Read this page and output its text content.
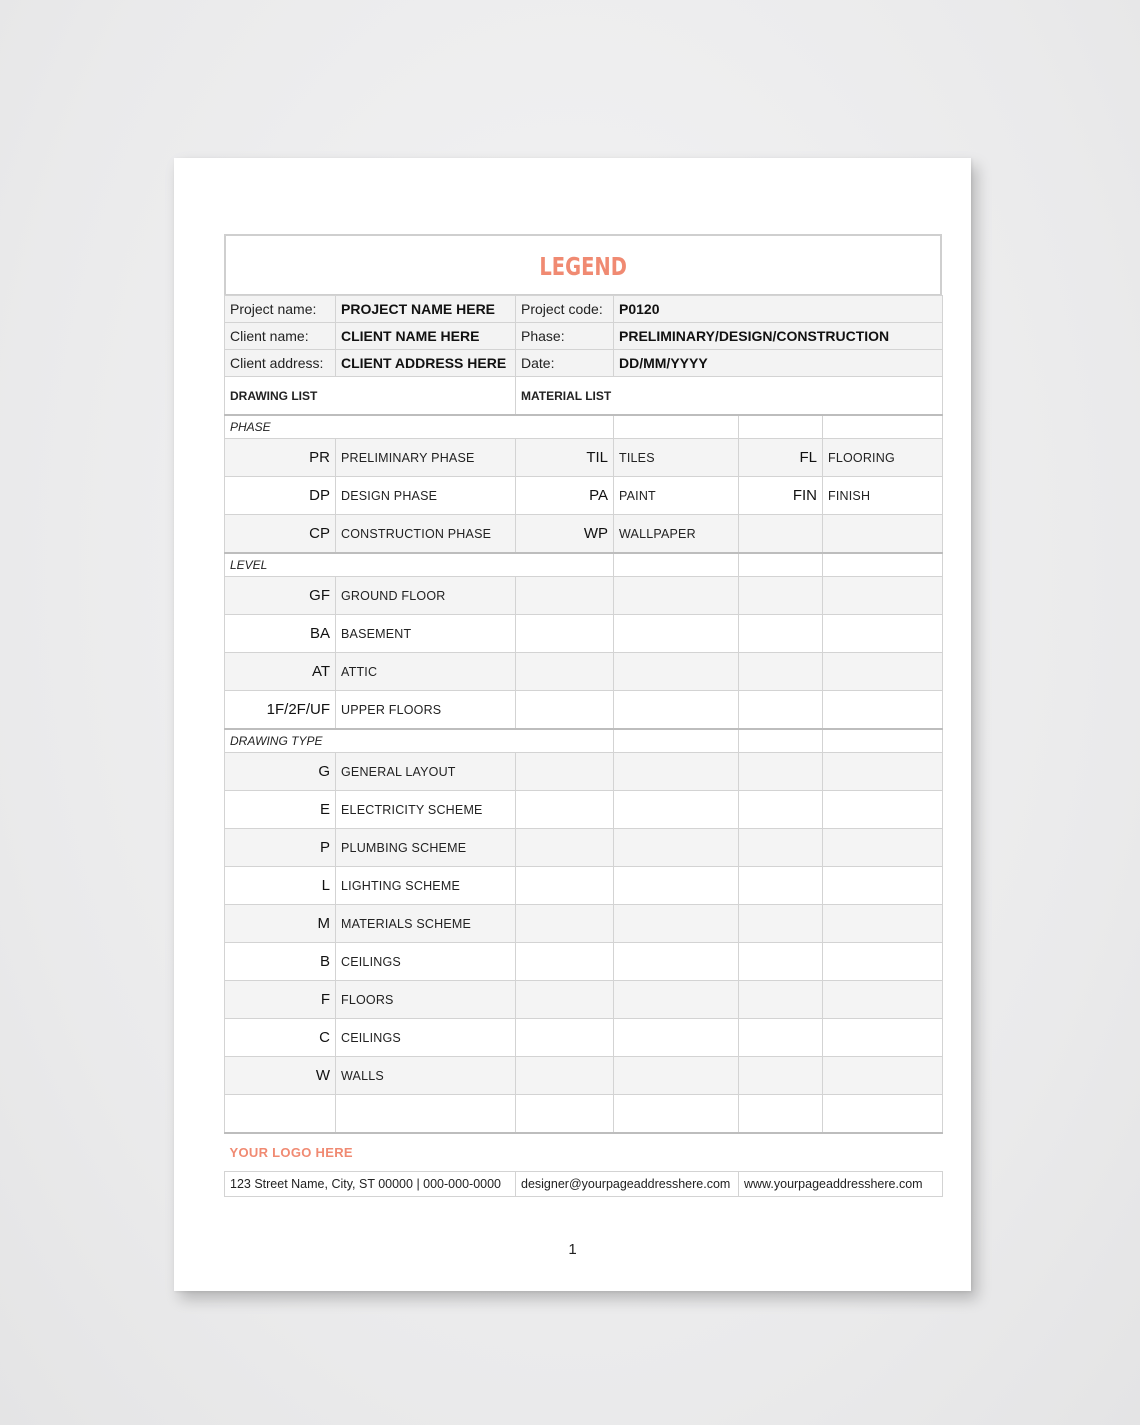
LEGEND
Project name:	PROJECT NAME HERE	Project code:	P0120		
Client name:	CLIENT NAME HERE	Phase:	PRELIMINARY/DESIGN/CONSTRUCTION		
Client address:	CLIENT ADDRESS HERE	Date:	DD/MM/YYYY		
DRAWING LIST		MATERIAL LIST			
PHASE					
PR	PRELIMINARY PHASE	TIL	TILES	FL	FLOORING
DP	DESIGN PHASE	PA	PAINT	FIN	FINISH
CP	CONSTRUCTION PHASE	WP	WALLPAPER		
LEVEL					
GF	GROUND FLOOR				
BA	BASEMENT				
AT	ATTIC				
1F/2F/UF	UPPER FLOORS				
DRAWING TYPE					
G	GENERAL LAYOUT				
E	ELECTRICITY SCHEME				
P	PLUMBING SCHEME				
L	LIGHTING SCHEME				
M	MATERIALS SCHEME				
B	CEILINGS				
F	FLOORS				
C	CEILINGS				
W	WALLS				

YOUR LOGO HERE					
123 Street Name, City, ST 00000 | 000-000-0000		designer@yourpageaddresshere.com		www.yourpageaddresshere.com	
1
